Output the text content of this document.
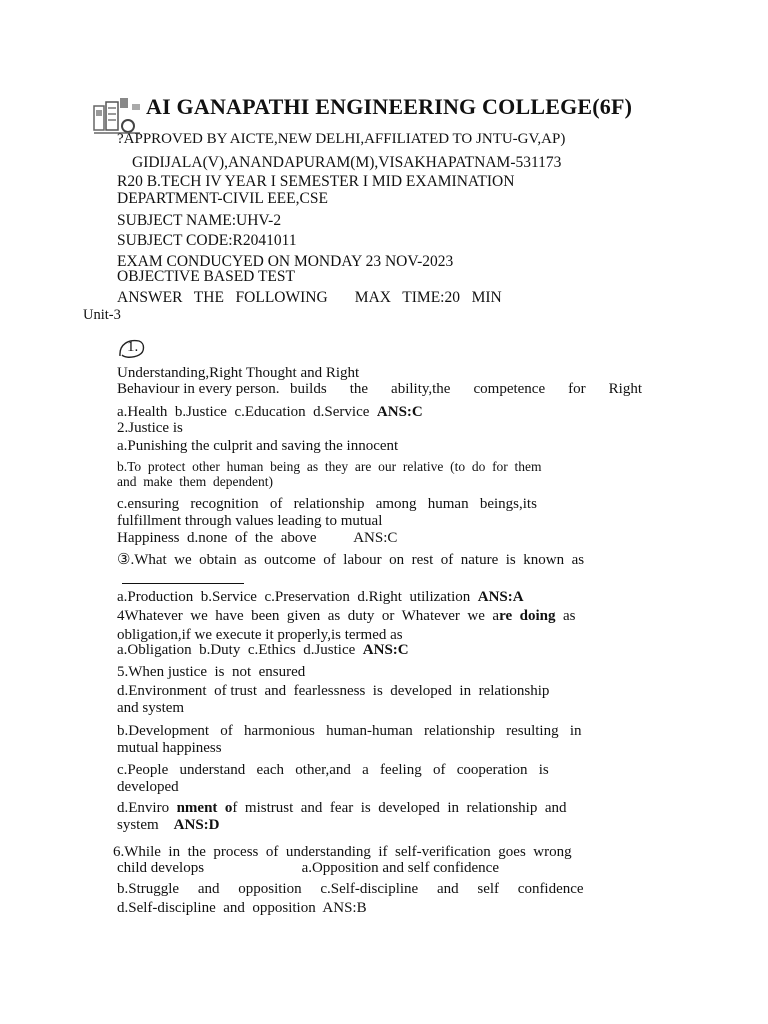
AI GANAPATHI ENGINEERING COLLEGE(6F)
?APPROVED BY AICTE,NEW DELHI,AFFILIATED TO JNTU-GV,AP)
GIDIJALA(V),ANANDAPURAM(M),VISAKHAPATNAM-531173
R20 B.TECH IV YEAR I SEMESTER I MID EXAMINATION
DEPARTMENT-CIVIL EEE,CSE
SUBJECT NAME:UHV-2
SUBJECT CODE:R2041011
EXAM CONDUCYED ON MONDAY 23 NOV-2023
OBJECTIVE BASED TEST
ANSWER   THE   FOLLOWING       MAX   TIME:20   MIN
Unit-3
1.

builds the ability,the competence for Right

Understanding,Right Thought and Right
Behaviour in every person.
a.Health  b.Justice  c.Education  d.Service  ANS:C
2.Justice is
a.Punishing the culprit and saving the innocent
b.To  protect  other  human  being  as  they  are  our  relative  (to  do  for  them
and  make  them  dependent)
c.ensuring   recognition   of   relationship   among   human   beings,its
fulfillment through values leading to mutual
Happiness  d.none  of  the  above          ANS:C
③.What  we  obtain  as  outcome  of  labour  on  rest  of  nature  is  known  as
a.Production  b.Service  c.Preservation  d.Right  utilization  ANS:A
4Whatever  we  have  been  given  as  duty  or  Whatever  we  are  doing  as
obligation,if we execute it properly,is termed as
a.Obligation  b.Duty  c.Ethics  d.Justice  ANS:C
5.When justice  is  not  ensured
d.Environment  of trust  and  fearlessness  is  developed  in  relationship
and system
b.Development   of   harmonious   human-human   relationship   resulting   in
mutual happiness
c.People   understand   each   other,and   a   feeling   of   cooperation   is
developed
d.Enviro  nment  of  mistrust  and  fear  is  developed  in  relationship  and
system    ANS:D
6.While  in  the  process  of  understanding  if  self-verification  goes  wrong
child develops                          a.Opposition and self confidence
b.Struggle     and     opposition     c.Self-discipline     and     self     confidence
d.Self-discipline  and  opposition  ANS:B
